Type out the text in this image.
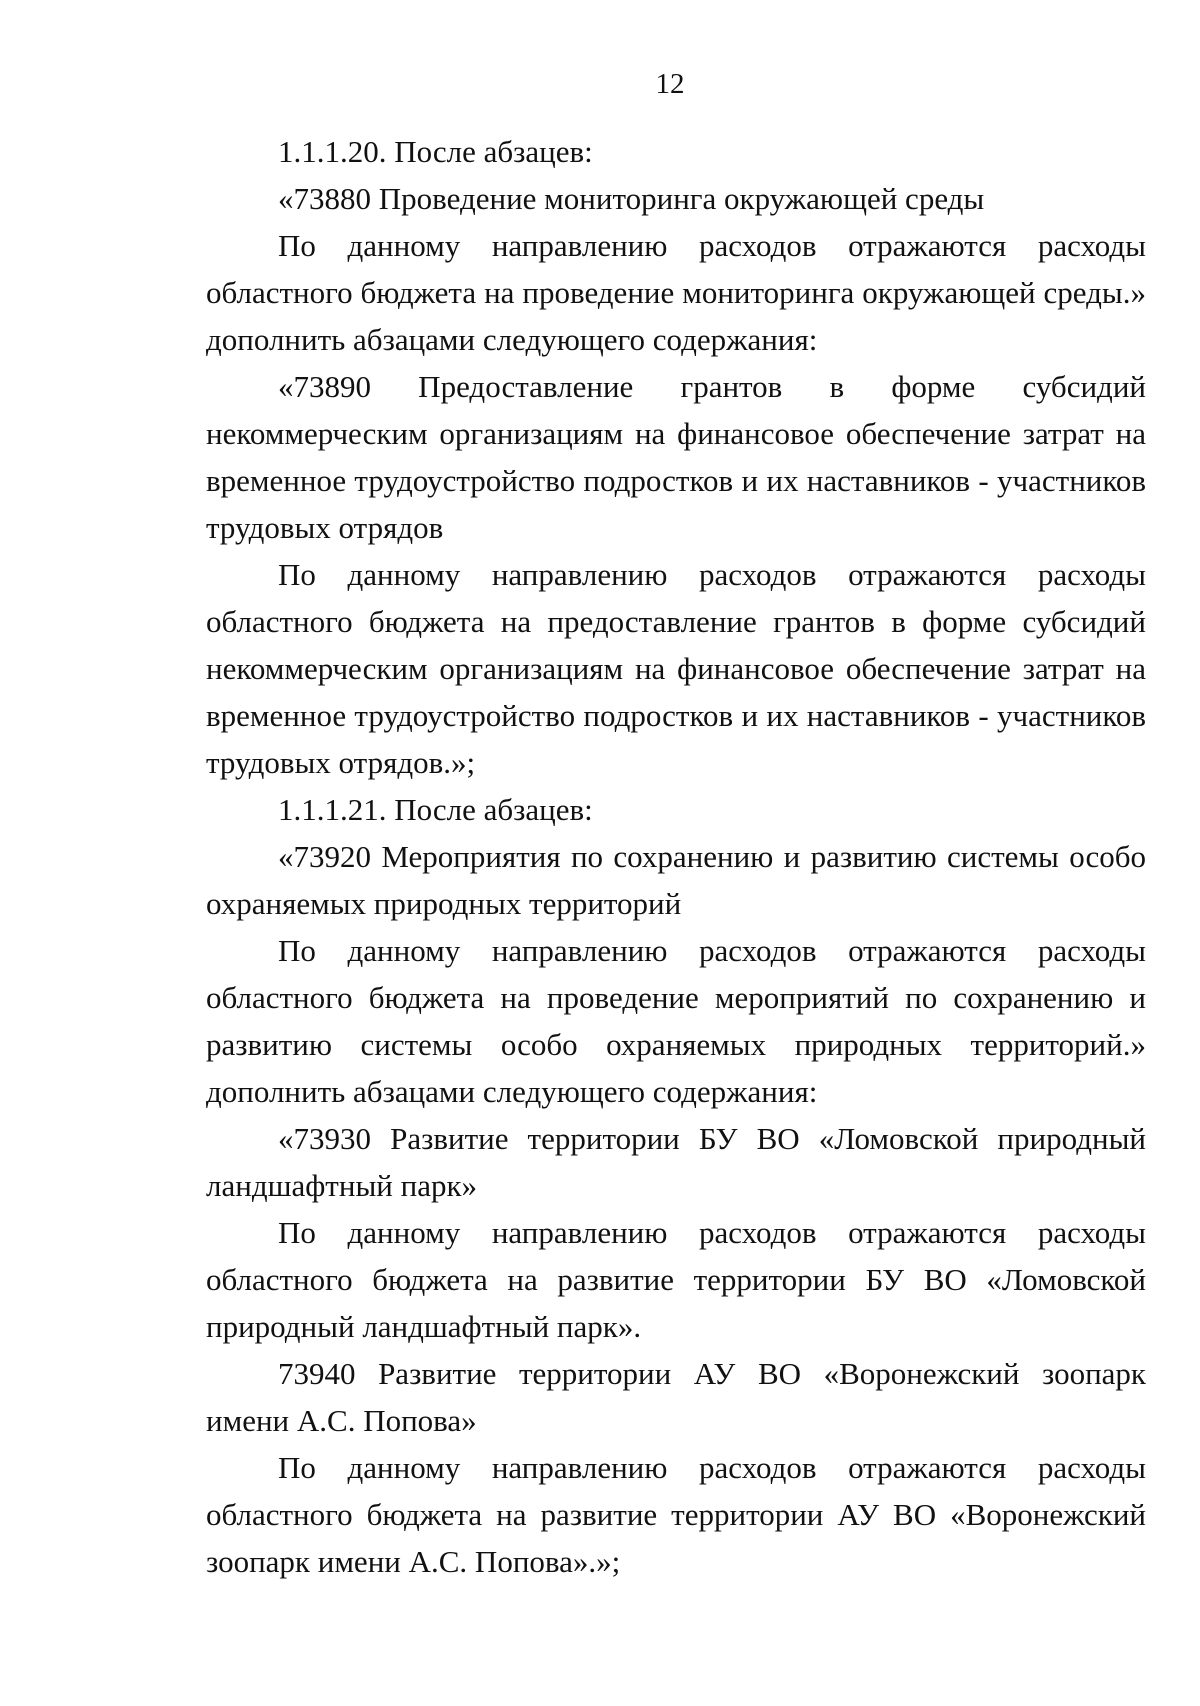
12

1.1.1.20. После абзацев:

«73880 Проведение мониторинга окружающей среды

По данному направлению расходов отражаются расходы областного бюджета на проведение мониторинга окружающей среды.» дополнить абзацами следующего содержания:

«73890 Предоставление грантов в форме субсидий некоммерческим организациям на финансовое обеспечение затрат на временное трудоустройство подростков и их наставников - участников трудовых отрядов

По данному направлению расходов отражаются расходы областного бюджета на предоставление грантов в форме субсидий некоммерческим организациям на финансовое обеспечение затрат на временное трудоустройство подростков и их наставников - участников трудовых отрядов.»;

1.1.1.21. После абзацев:

«73920 Мероприятия по сохранению и развитию системы особо охраняемых природных территорий

По данному направлению расходов отражаются расходы областного бюджета на проведение мероприятий по сохранению и развитию системы особо охраняемых природных территорий.» дополнить абзацами следующего содержания:

«73930 Развитие территории БУ ВО «Ломовской природный ландшафтный парк»

По данному направлению расходов отражаются расходы областного бюджета на развитие территории БУ ВО «Ломовской природный ландшафтный парк».

73940 Развитие территории АУ ВО «Воронежский зоопарк имени А.С. Попова»

По данному направлению расходов отражаются расходы областного бюджета на развитие территории АУ ВО «Воронежский зоопарк имени А.С. Попова».»;
